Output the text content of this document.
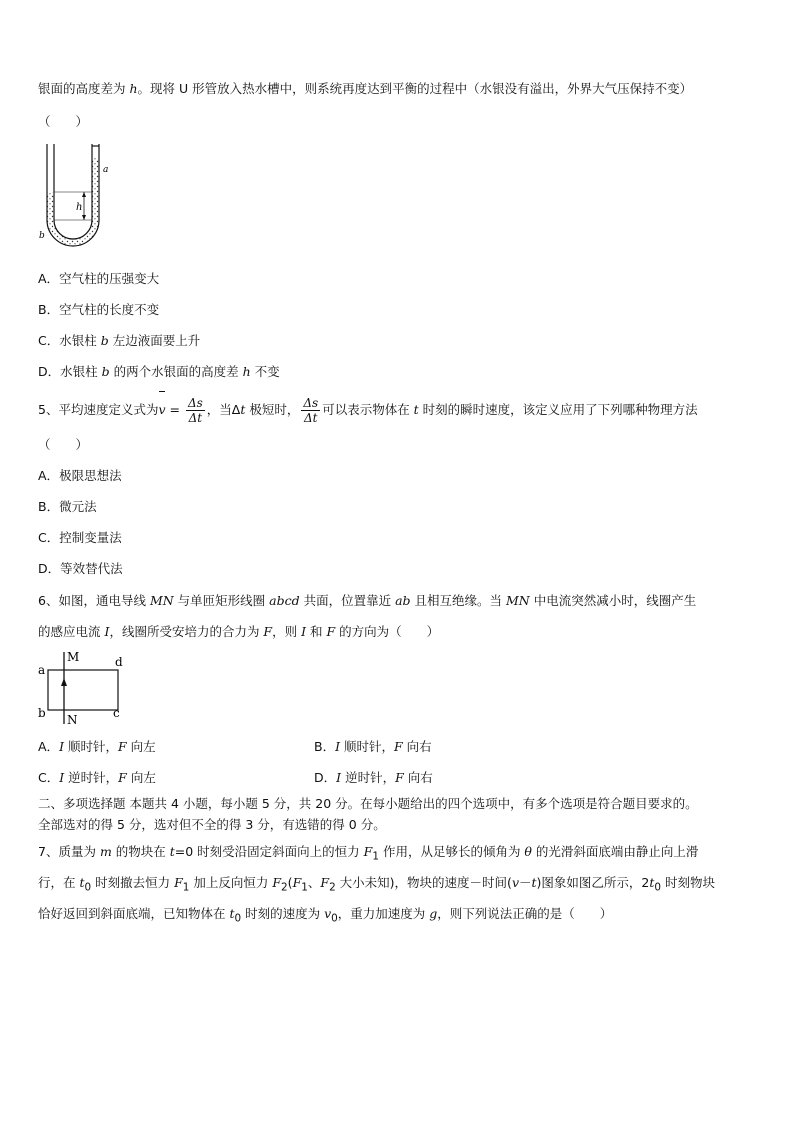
银面的高度差为 h。现将 U 形管放入热水槽中，则系统再度达到平衡的过程中（水银没有溢出，外界大气压保持不变）
（　　）
h
a
b
A．空气柱的压强变大
B．空气柱的长度不变
C．水银柱 b 左边液面要上升
D．水银柱 b 的两个水银面的高度差 h 不变
5、平均速度定义式为$v = \frac{\Delta s}{\Delta t}$ ，当Δt 极短时， $\frac{\Delta s}{\Delta t}$ 可以表示物体在 t 时刻的瞬时速度，该定义应用了下列哪种物理方法
（　　）
A．极限思想法
B．微元法
C．控制变量法
D．等效替代法
6、如图，通电导线 MN 与单匝矩形线圈 abcd 共面，位置靠近 ab 且相互绝缘。当 MN 中电流突然减小时，线圈产生
的感应电流 I，线圈所受安培力的合力为 F，则 I 和 F 的方向为（　　）
M
N
a
b	c
d
A．I 顺时针，F 向左	B．I 顺时针，F 向右
C．I 逆时针，F 向左	D．I 逆时针，F 向右
二、多项选择题 本题共 4 小题，每小题 5 分，共 20 分。在每小题给出的四个选项中，有多个选项是符合题目要求的。
全部选对的得 5 分，选对但不全的得 3 分，有选错的得 0 分。
7、质量为 m 的物块在 t=0 时刻受沿固定斜面向上的恒力 $F_1$ 作用，从足够长的倾角为 θ 的光滑斜面底端由静止向上滑
行，在 $t_0$ 时刻撤去恒力 $F_1$ 加上反向恒力 $F_2(F_1$、$F_2$ 大小未知)，物块的速度－时间(v－t)图象如图乙所示，$2t_0$ 时刻物块
恰好返回到斜面底端，已知物体在 $t_0$ 时刻的速度为 $v_0$，重力加速度为 g，则下列说法正确的是（　　）
